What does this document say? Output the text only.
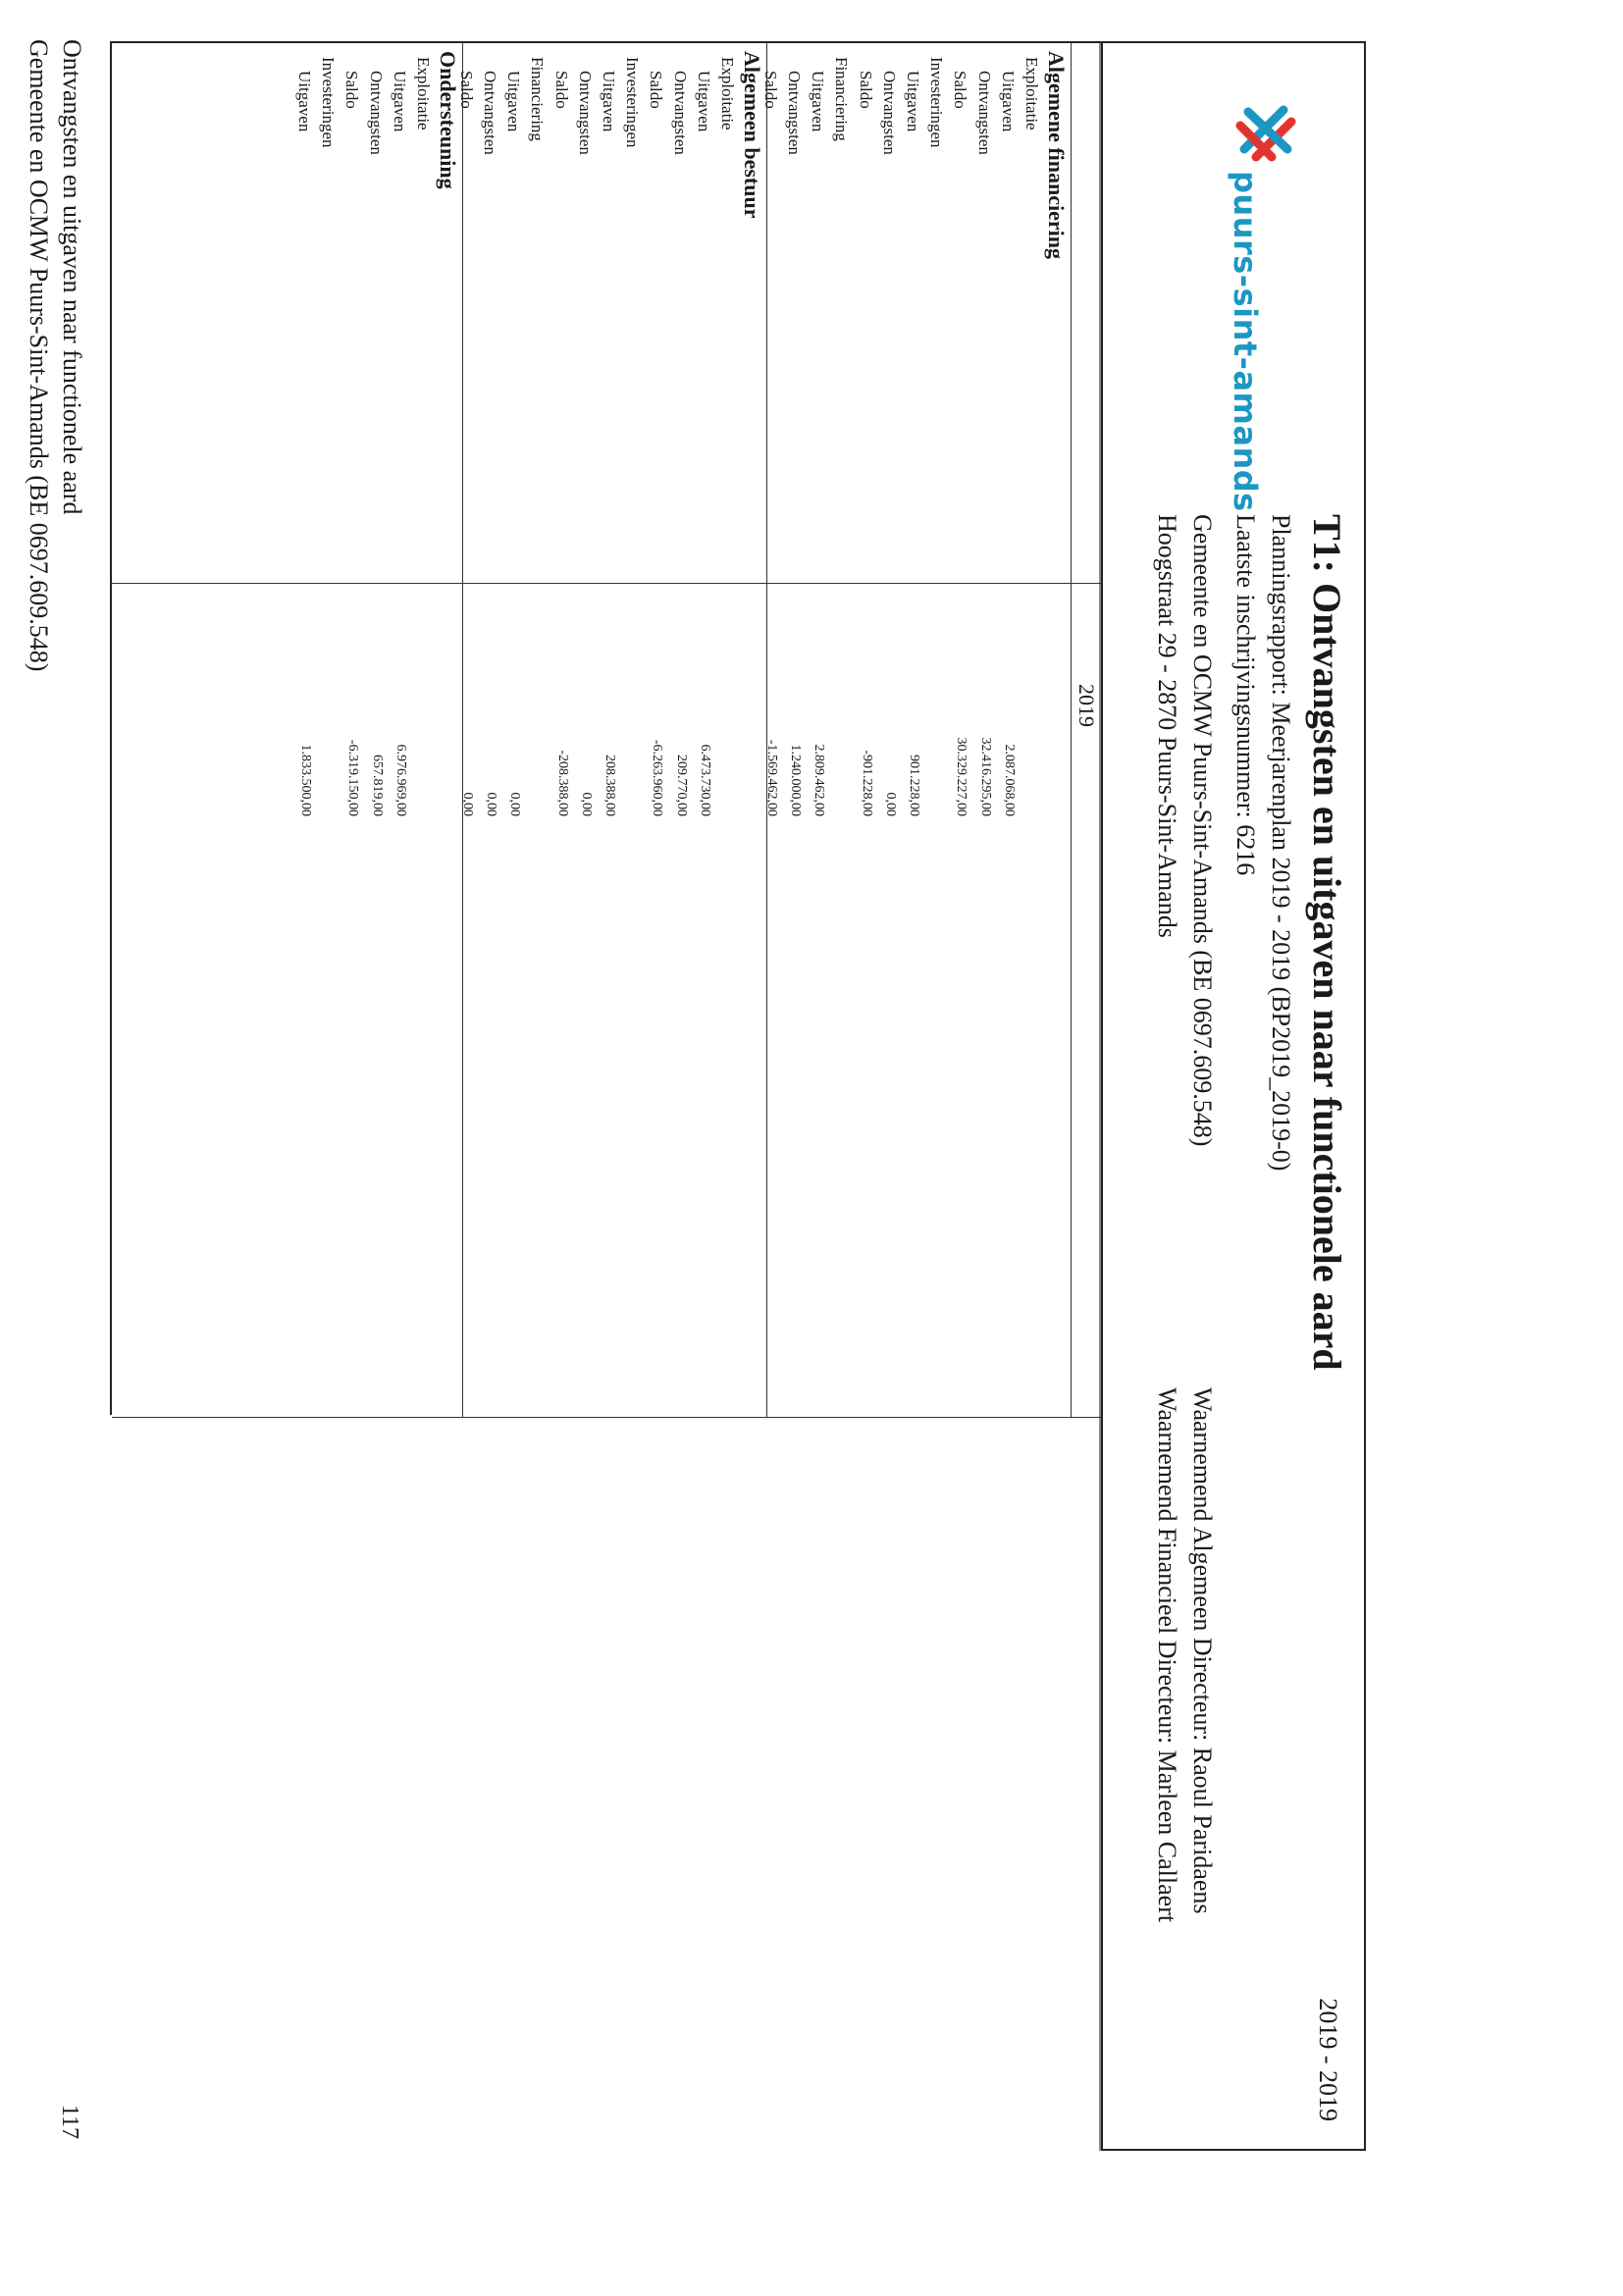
puurs-sint-amands
T1: Ontvangsten en uitgaven naar functionele aard
2019 - 2019
Planningsrapport: Meerjarenplan 2019 - 2019 (BP2019_2019-0)
Laatste inschrijvingsnummer: 6216
Gemeente en OCMW Puurs-Sint-Amands (BE 0697.609.548)
Hoogstraat 29 - 2870 Puurs-Sint-Amands
Waarnemend Algemeen Directeur: Raoul Paridaens
Waarnemend Financieel Directeur: Marleen Callaert
2019
Algemene financiering
Exploitatie
Uitgaven
2.087.068,00
Ontvangsten
32.416.295,00
Saldo
30.329.227,00
Investeringen
Uitgaven
901.228,00
Ontvangsten
0,00
Saldo
-901.228,00
Financiering
Uitgaven
2.809.462,00
Ontvangsten
1.240.000,00
Saldo
-1.569.462,00
Algemeen bestuur
Exploitatie
Uitgaven
6.473.730,00
Ontvangsten
209.770,00
Saldo
-6.263.960,00
Investeringen
Uitgaven
208.388,00
Ontvangsten
0,00
Saldo
-208.388,00
Financiering
Uitgaven
0,00
Ontvangsten
0,00
Saldo
0,00
Ondersteuning
Exploitatie
Uitgaven
6.976.969,00
Ontvangsten
657.819,00
Saldo
-6.319.150,00
Investeringen
Uitgaven
1.833.500,00
Ontvangsten en uitgaven naar functionele aard
Gemeente en OCMW Puurs-Sint-Amands (BE 0697.609.548)
117
